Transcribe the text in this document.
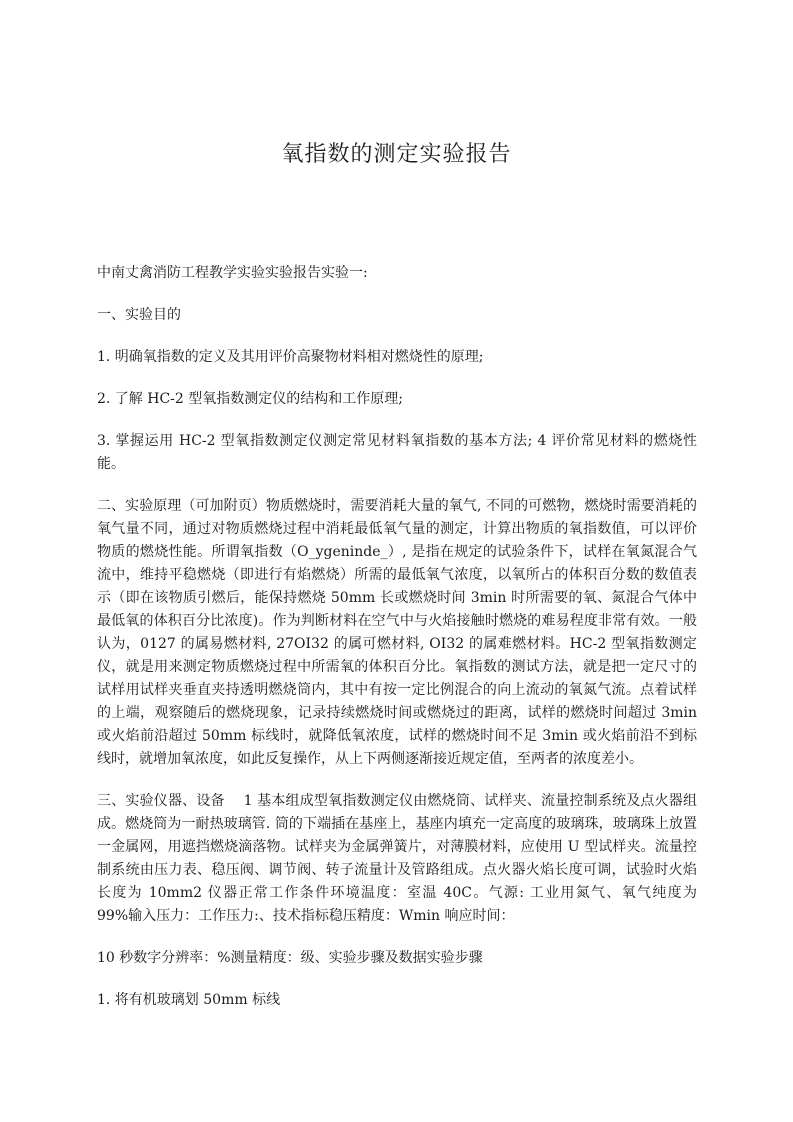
氧指数的测定实验报告

中南丈禽消防工程教学实验实验报告实验一:

一、实验目的

1. 明确氧指数的定义及其用评价高聚物材料相对燃烧性的原理;

2. 了解 HC-2 型氧指数测定仪的结构和工作原理;

3. 掌握运用 HC-2 型氧指数测定仪测定常见材料氧指数的基本方法; 4 评价常见材料的燃烧性能。

二、实验原理（可加附页）物质燃烧时，需要消耗大量的氧气, 不同的可燃物，燃烧时需要消耗的氧气量不同，通过对物质燃烧过程中消耗最低氧气量的测定，计算出物质的氧指数值，可以评价物质的燃烧性能。所谓氧指数（O_ygeninde_）, 是指在规定的试验条件下，试样在氧氮混合气流中，维持平稳燃烧（即进行有焰燃烧）所需的最低氧气浓度，以氧所占的体积百分数的数值表示（即在该物质引燃后，能保持燃烧 50mm 长或燃烧时间 3min 时所需要的氧、氮混合气体中最低氧的体积百分比浓度)。作为判断材料在空气中与火焰接触时燃烧的难易程度非常有效。一般认为，0127 的属易燃材料, 27OI32 的属可燃材料, OI32 的属难燃材料。HC-2 型氧指数测定仪，就是用来测定物质燃烧过程中所需氧的体积百分比。氧指数的测试方法，就是把一定尺寸的试样用试样夹垂直夹持透明燃烧筒内，其中有按一定比例混合的向上流动的氧氮气流。点着试样的上端，观察随后的燃烧现象，记录持续燃烧时间或燃烧过的距离，试样的燃烧时间超过 3min 或火焰前沿超过 50mm 标线时，就降低氧浓度，试样的燃烧时间不足 3min 或火焰前沿不到标线时，就增加氧浓度，如此反复操作，从上下两侧逐渐接近规定值，至两者的浓度差小。

三、实验仪器、设备　 1 基本组成型氧指数测定仪由燃烧筒、试样夹、流量控制系统及点火器组成。燃烧筒为一耐热玻璃管. 筒的下端插在基座上，基座内填充一定高度的玻璃珠，玻璃珠上放置一金属网，用遮挡燃烧滴落物。试样夹为金属弹簧片，对薄膜材料，应使用 U 型试样夹。流量控制系统由压力表、稳压阀、调节阀、转子流量计及管路组成。点火器火焰长度可调，试验时火焰长度为 10mm2 仪器正常工作条件环境温度：室温 40C。气源: 工业用氮气、氧气纯度为　　99%输入压力：工作压力:、技术指标稳压精度：Wmin 响应时间：

10 秒数字分辨率：%测量精度：级、实验步骤及数据实验步骤

1. 将有机玻璃划 50mm 标线
